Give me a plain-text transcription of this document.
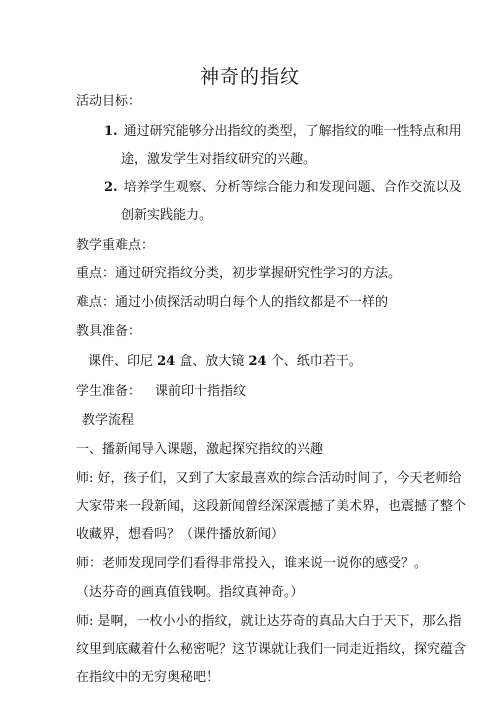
神奇的指纹
活动目标：
1. 通过研究能够分出指纹的类型，了解指纹的唯一性特点和用
途，激发学生对指纹研究的兴趣。
2. 培养学生观察、分析等综合能力和发现问题、合作交流以及
创新实践能力。
教学重难点：
重点：通过研究指纹分类，初步掌握研究性学习的方法。
难点：通过小侦探活动明白每个人的指纹都是不一样的
教具准备：
课件、印尼 24 盒、放大镜 24 个、纸巾若干。
学生准备： 课前印十指指纹
教学流程
一、播新闻导入课题，激起探究指纹的兴趣
师: 好，孩子们，又到了大家最喜欢的综合活动时间了，今天老师给
大家带来一段新闻，这段新闻曾经深深震撼了美术界，也震撼了整个
收藏界，想看吗？（课件播放新闻）
师：老师发现同学们看得非常投入，谁来说一说你的感受？。
（达芬奇的画真值钱啊。指纹真神奇。）
师: 是啊，一枚小小的指纹，就让达芬奇的真品大白于天下，那么指
纹里到底藏着什么秘密呢？这节课就让我们一同走近指纹，探究蕴含
在指纹中的无穷奥秘吧！
